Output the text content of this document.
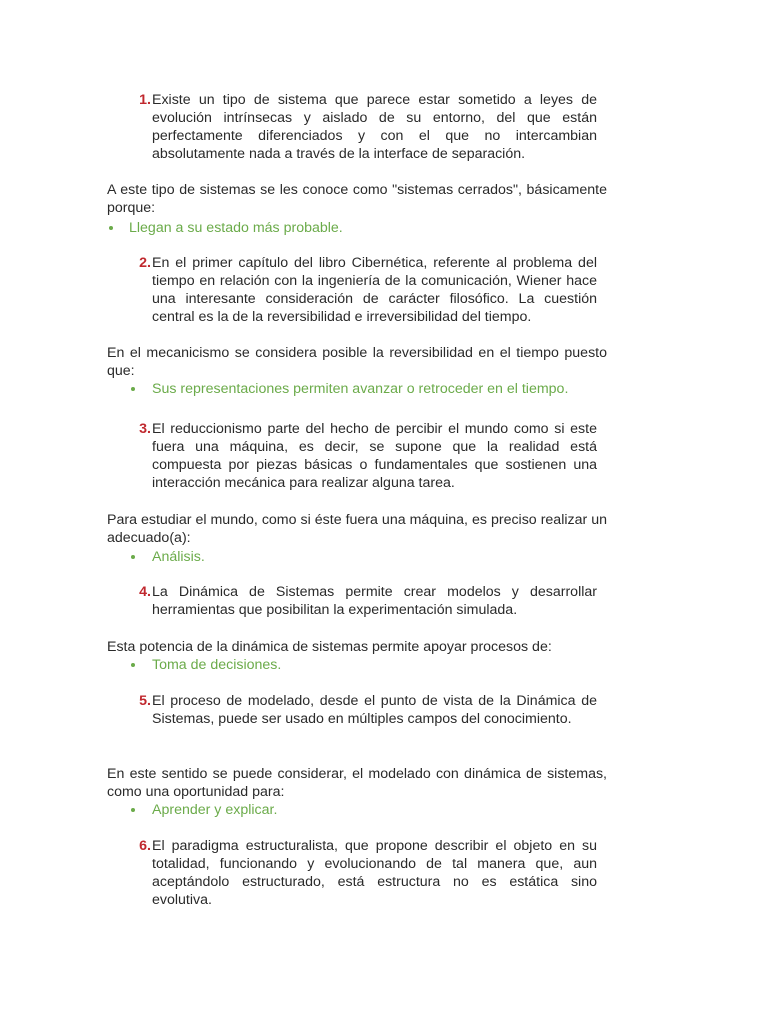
1. Existe un tipo de sistema que parece estar sometido a leyes de evolución intrínsecas y aislado de su entorno, del que están perfectamente diferenciados y con el que no intercambian absolutamente nada a través de la interface de separación.
A este tipo de sistemas se les conoce como "sistemas cerrados", básicamente porque:
Llegan a su estado más probable.
2. En el primer capítulo del libro Cibernética, referente al problema del tiempo en relación con la ingeniería de la comunicación, Wiener hace una interesante consideración de carácter filosófico. La cuestión central es la de la reversibilidad e irreversibilidad del tiempo.
En el mecanicismo se considera posible la reversibilidad en el tiempo puesto que:
Sus representaciones permiten avanzar o retroceder en el tiempo.
3. El reduccionismo parte del hecho de percibir el mundo como si este fuera una máquina, es decir, se supone que la realidad está compuesta por piezas básicas o fundamentales que sostienen una interacción mecánica para realizar alguna tarea.
Para estudiar el mundo, como si éste fuera una máquina, es preciso realizar un adecuado(a):
Análisis.
4. La Dinámica de Sistemas permite crear modelos y desarrollar herramientas que posibilitan la experimentación simulada.
Esta potencia de la dinámica de sistemas permite apoyar procesos de:
Toma de decisiones.
5. El proceso de modelado, desde el punto de vista de la Dinámica de Sistemas, puede ser usado en múltiples campos del conocimiento.
En este sentido se puede considerar, el modelado con dinámica de sistemas, como una oportunidad para:
Aprender y explicar.
6. El paradigma estructuralista, que propone describir el objeto en su totalidad, funcionando y evolucionando de tal manera que, aun aceptándolo estructurado, está estructura no es estática sino evolutiva.
